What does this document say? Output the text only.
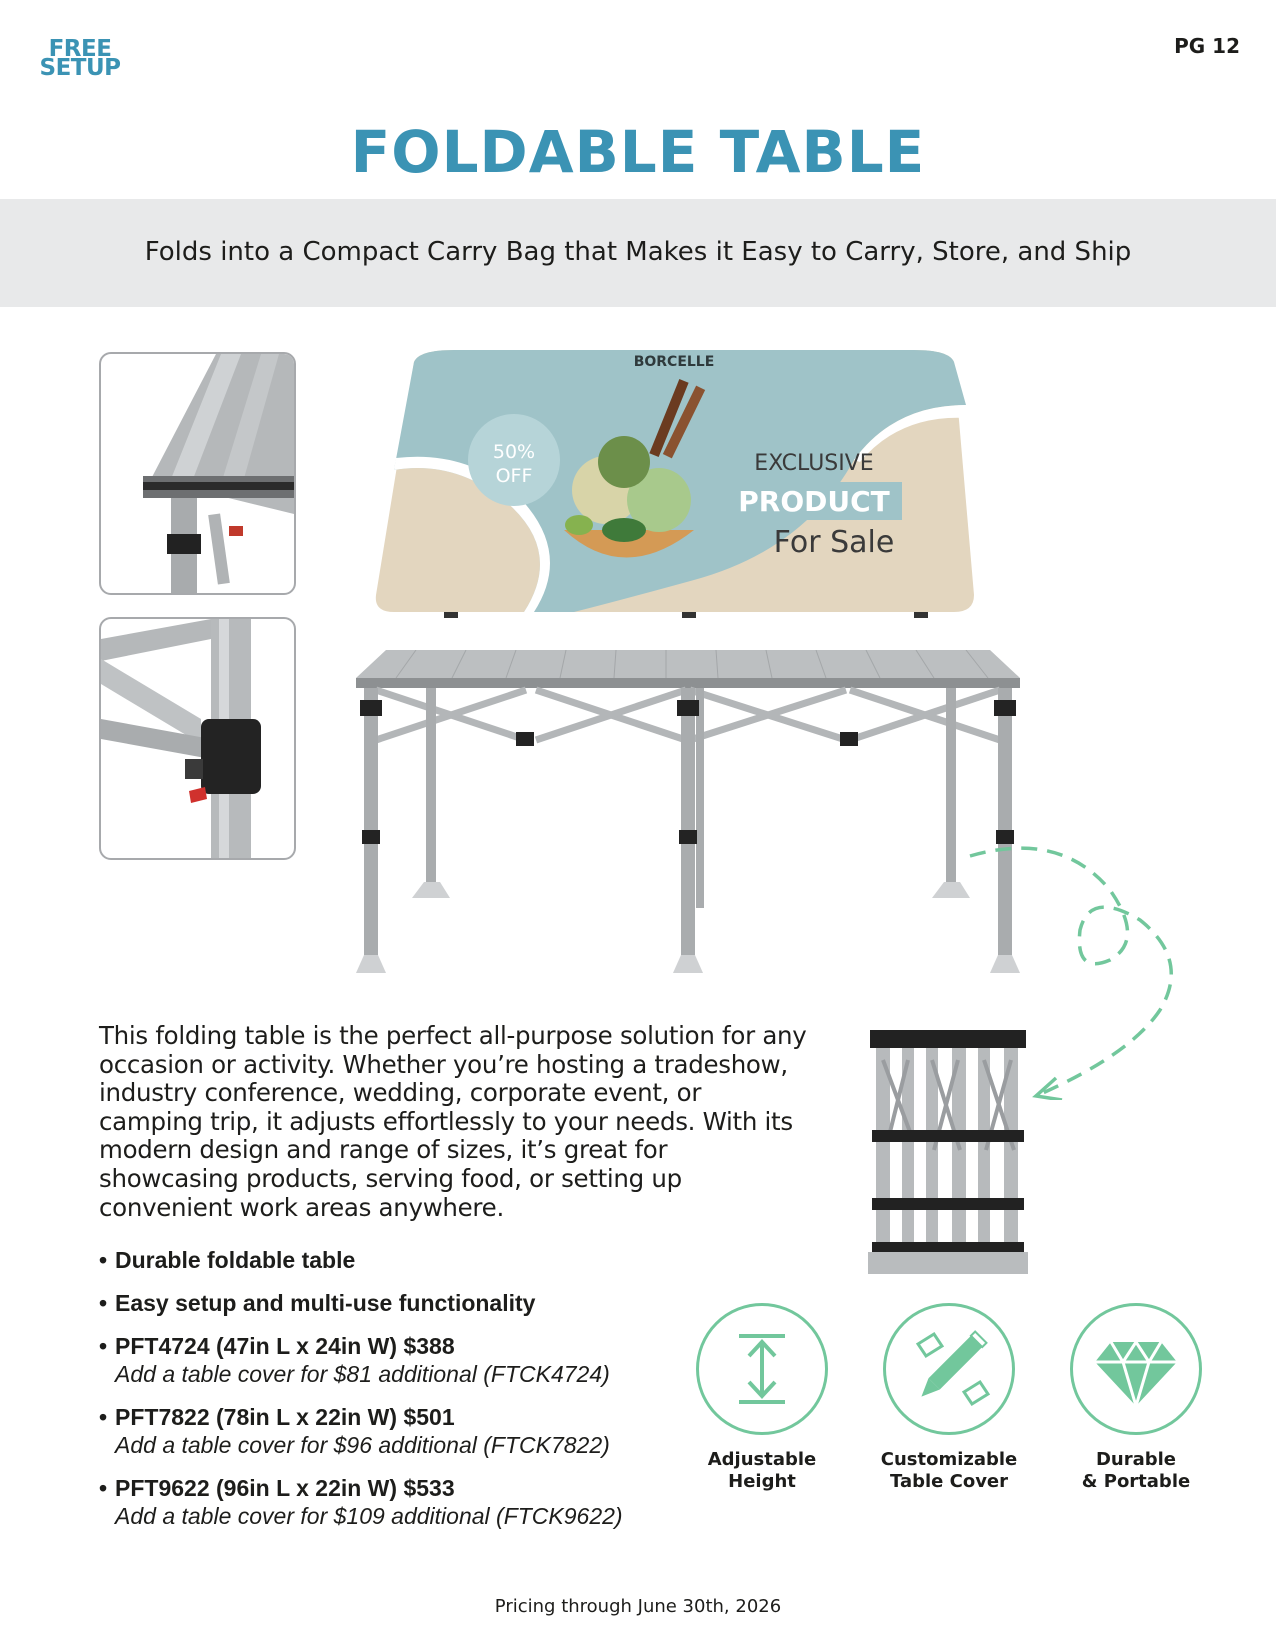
FREE
SETUP
PG 12
FOLDABLE TABLE
Folds into a Compact Carry Bag that Makes it Easy to Carry, Store, and Ship
50%
OFF
BORCELLE
EXCLUSIVE
PRODUCT
For Sale
This folding table is the perfect all-purpose solution for any occasion or activity. Whether you’re hosting a tradeshow, industry conference, wedding, corporate event, or camping trip, it adjusts effortlessly to your needs. With its modern design and range of sizes, it’s great for showcasing products, serving food, or setting up convenient work areas anywhere.
• Durable foldable table
• Easy setup and multi-use functionality
• PFT4724 (47in L x 24in W) $388
Add a table cover for $81 additional (FTCK4724)
• PFT7822 (78in L x 22in W) $501
Add a table cover for $96 additional (FTCK7822)
• PFT9622 (96in L x 22in W) $533
Add a table cover for $109 additional (FTCK9622)
Adjustable
Height
Customizable
Table Cover
Durable
& Portable
Pricing through June 30th, 2026
